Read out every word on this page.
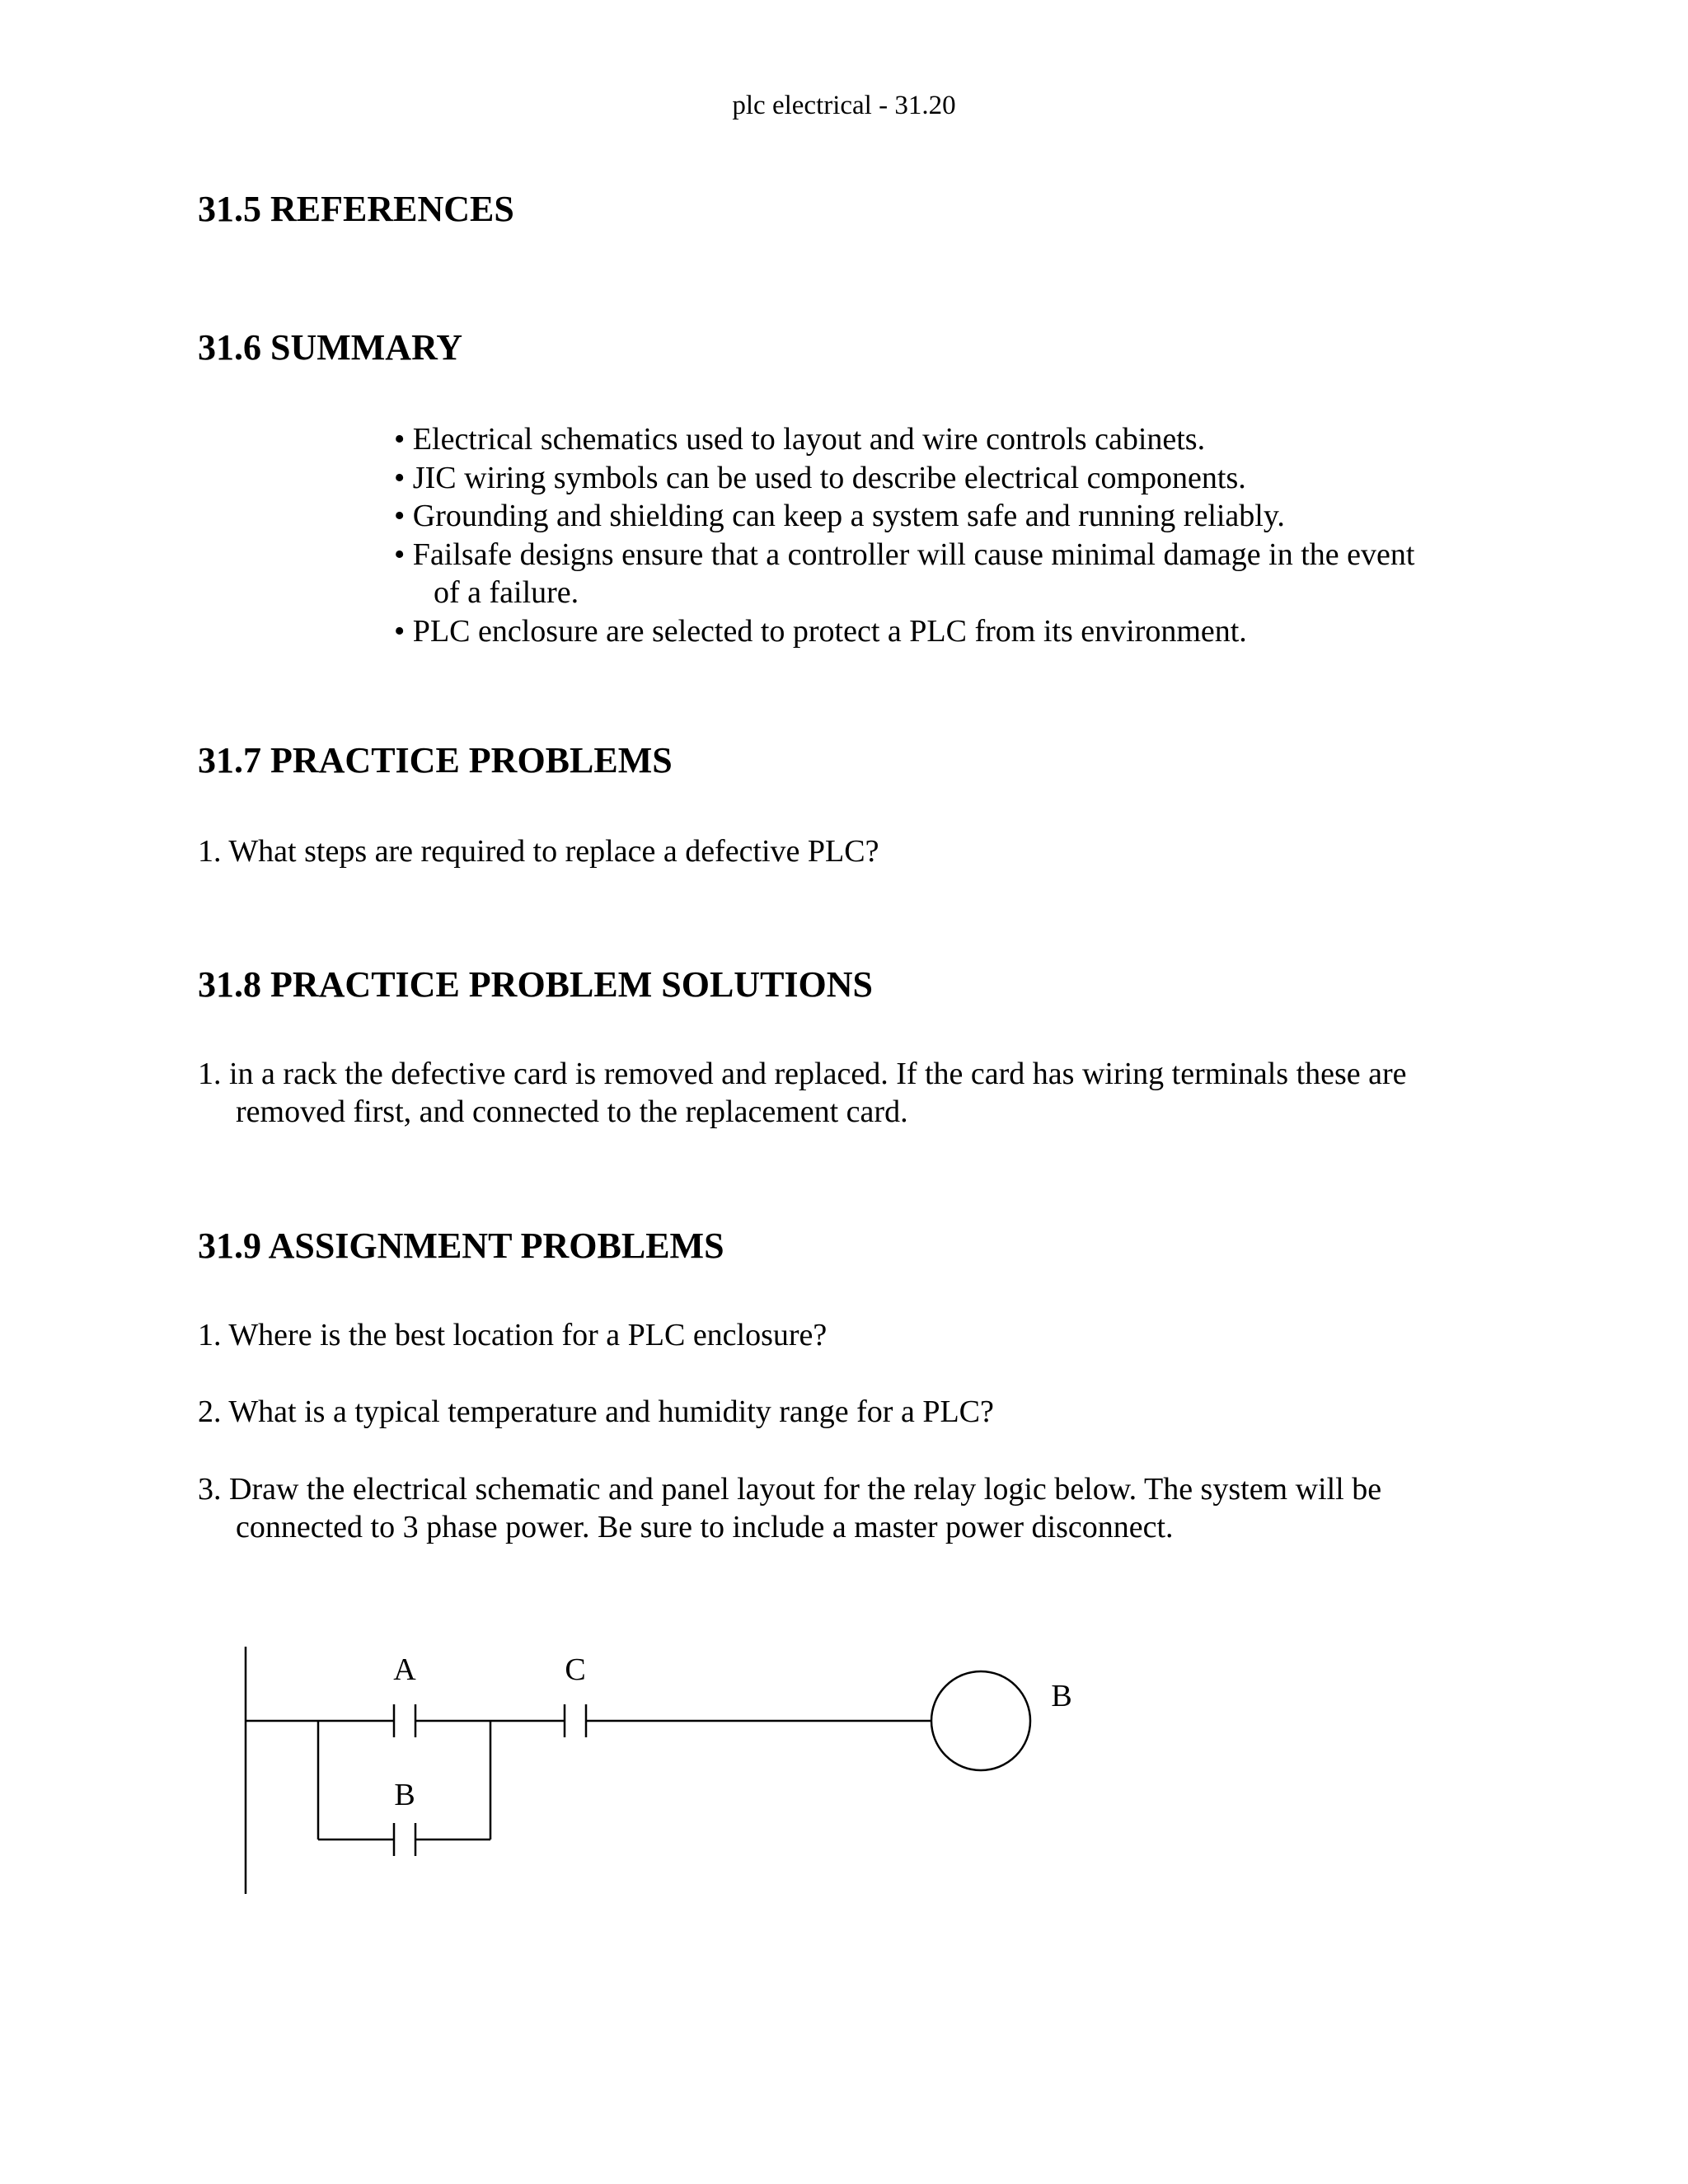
plc electrical - 31.20
31.5 REFERENCES
31.6 SUMMARY
• Electrical schematics used to layout and wire controls cabinets.
• JIC wiring symbols can be used to describe electrical components.
• Grounding and shielding can keep a system safe and running reliably.
• Failsafe designs ensure that a controller will cause minimal damage in the event
of a failure.
• PLC enclosure are selected to protect a PLC from its environment.
31.7 PRACTICE PROBLEMS

1. What steps are required to replace a defective PLC?

31.8 PRACTICE PROBLEM SOLUTIONS

1. in a rack the defective card is removed and replaced. If the card has wiring terminals these are

removed first, and connected to the replacement card.

31.9 ASSIGNMENT PROBLEMS

1. Where is the best location for a PLC enclosure?

2. What is a typical temperature and humidity range for a PLC?

3. Draw the electrical schematic and panel layout for the relay logic below. The system will be

connected to 3 phase power. Be sure to include a master power disconnect.

A	C
B
B
